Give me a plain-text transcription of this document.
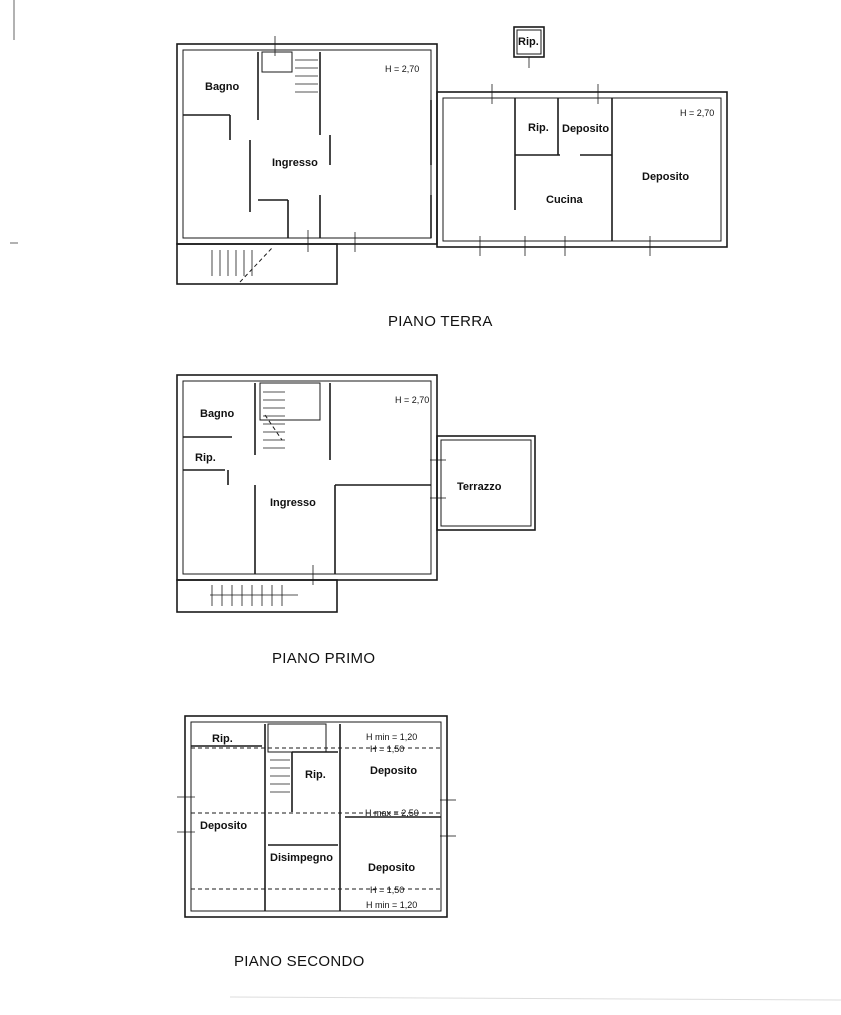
Rip.
Bagno
Ingresso
H = 2,70
Rip. Deposito
Cucina
Deposito
H = 2,70
PIANO TERRA
Bagno
Rip.
Ingresso
H = 2,70
Terrazzo
PIANO PRIMO
Rip.
Rip.	Deposito
Deposito
Disimpegno
Deposito
H min = 1,20
H = 1,50
H max = 2,50
H = 1,50
H min = 1,20
PIANO SECONDO
